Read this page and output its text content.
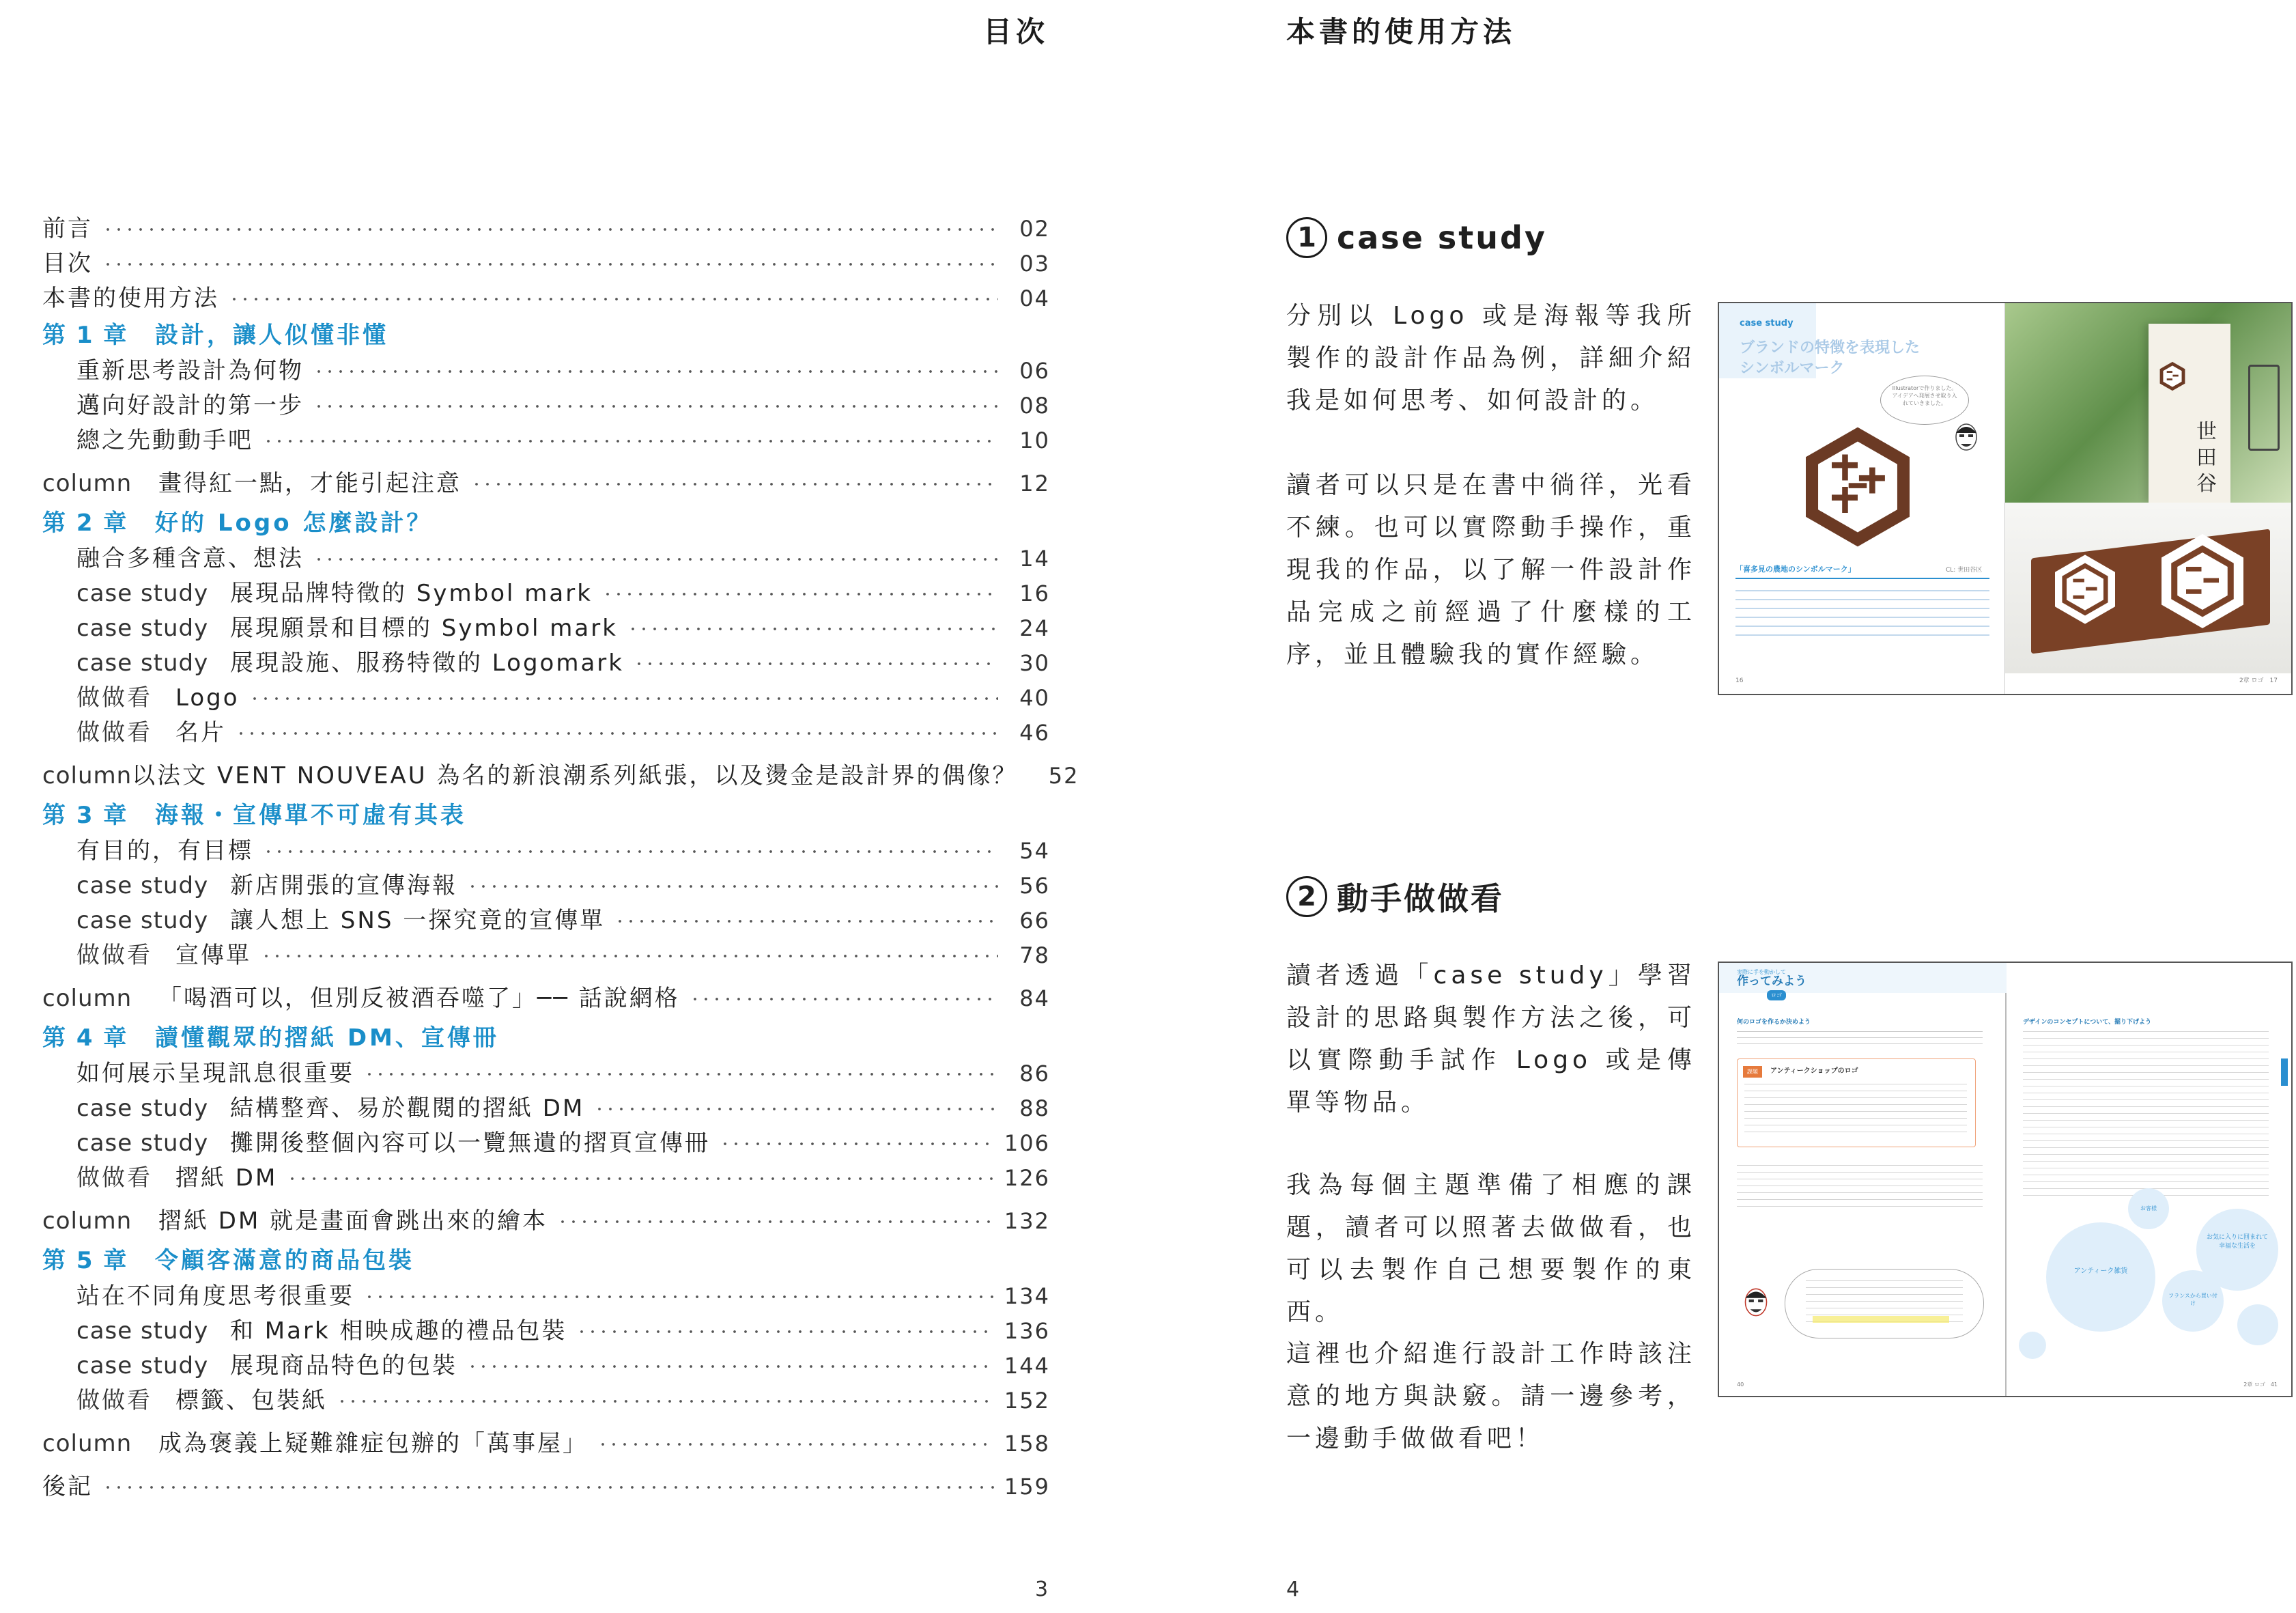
目次
前言	02
目次	03
本書的使用方法	04
第 1 章	設計，讓人似懂非懂
重新思考設計為何物	06
邁向好設計的第一步	08
總之先動動手吧	10
column	畫得紅一點，才能引起注意	12
第 2 章	好的 Logo 怎麼設計？
融合多種含意、想法	14
case study 展現品牌特徵的 Symbol mark	16
case study 展現願景和目標的 Symbol mark	24
case study 展現設施、服務特徵的 Logomark	30
做做看	Logo	40
做做看	名片	46
column 以法文 VENT NOUVEAU 為名的新浪潮系列紙張，以及燙金是設計界的偶像？	52
第 3 章	海報・宣傳單不可虛有其表
有目的，有目標	54
case study 新店開張的宣傳海報	56
case study 讓人想上 SNS 一探究竟的宣傳單	66
做做看	宣傳單	78
column	「喝酒可以，但別反被酒吞噬了」── 話說網格	84
第 4 章	讀懂觀眾的摺紙 DM、宣傳冊
如何展示呈現訊息很重要	86
case study 結構整齊、易於觀閱的摺紙 DM	88
case study 攤開後整個內容可以一覽無遺的摺頁宣傳冊	106
做做看	摺紙 DM	126
column	摺紙 DM 就是畫面會跳出來的繪本	132
第 5 章	令顧客滿意的商品包裝
站在不同角度思考很重要	134
case study 和 Mark 相映成趣的禮品包裝	136
case study 展現商品特色的包裝	144
做做看	標籤、包裝紙	152
column	成為褒義上疑難雜症包辦的「萬事屋」	158
後記	159
3
本書的使用方法
1 case study

分別以 Logo 或是海報等我所製作的設計作品為例，詳細介紹我是如何思考、如何設計的。

讀者可以只是在書中徜徉，光看不練。也可以實際動手操作，重現我的作品，以了解一件設計作品完成之前經過了什麼樣的工序，並且體驗我的實作經驗。

2 動手做做看

讀者透過「case study」學習設計的思路與製作方法之後，可以實際動手試作 Logo 或是傳單等物品。

我為每個主題準備了相應的課題，讀者可以照著去做做看，也可以去製作自己想要製作的東西。

這裡也介紹進行設計工作時該注意的地方與訣竅。請一邊參考，一邊動手做做看吧！

4
case study
ブランドの特徴を表現した
シンボルマーク
Illustratorで作りました。アイデアへ発展させ取り入れていきました。
「喜多見の農地のシンボルマーク」	CL: 世田谷区
16
世田谷
2章 ロゴ　17
実際に手を動かして
作ってみよう
ロゴ
何のロゴを作るか決めよう
課題	アンティークショップのロゴ
40
デザインのコンセプトについて、掘り下げよう
アンティーク雑貨
お気に入りに囲まれて幸福な生活を
フランスから買い付け
お客様
2章 ロゴ　41
